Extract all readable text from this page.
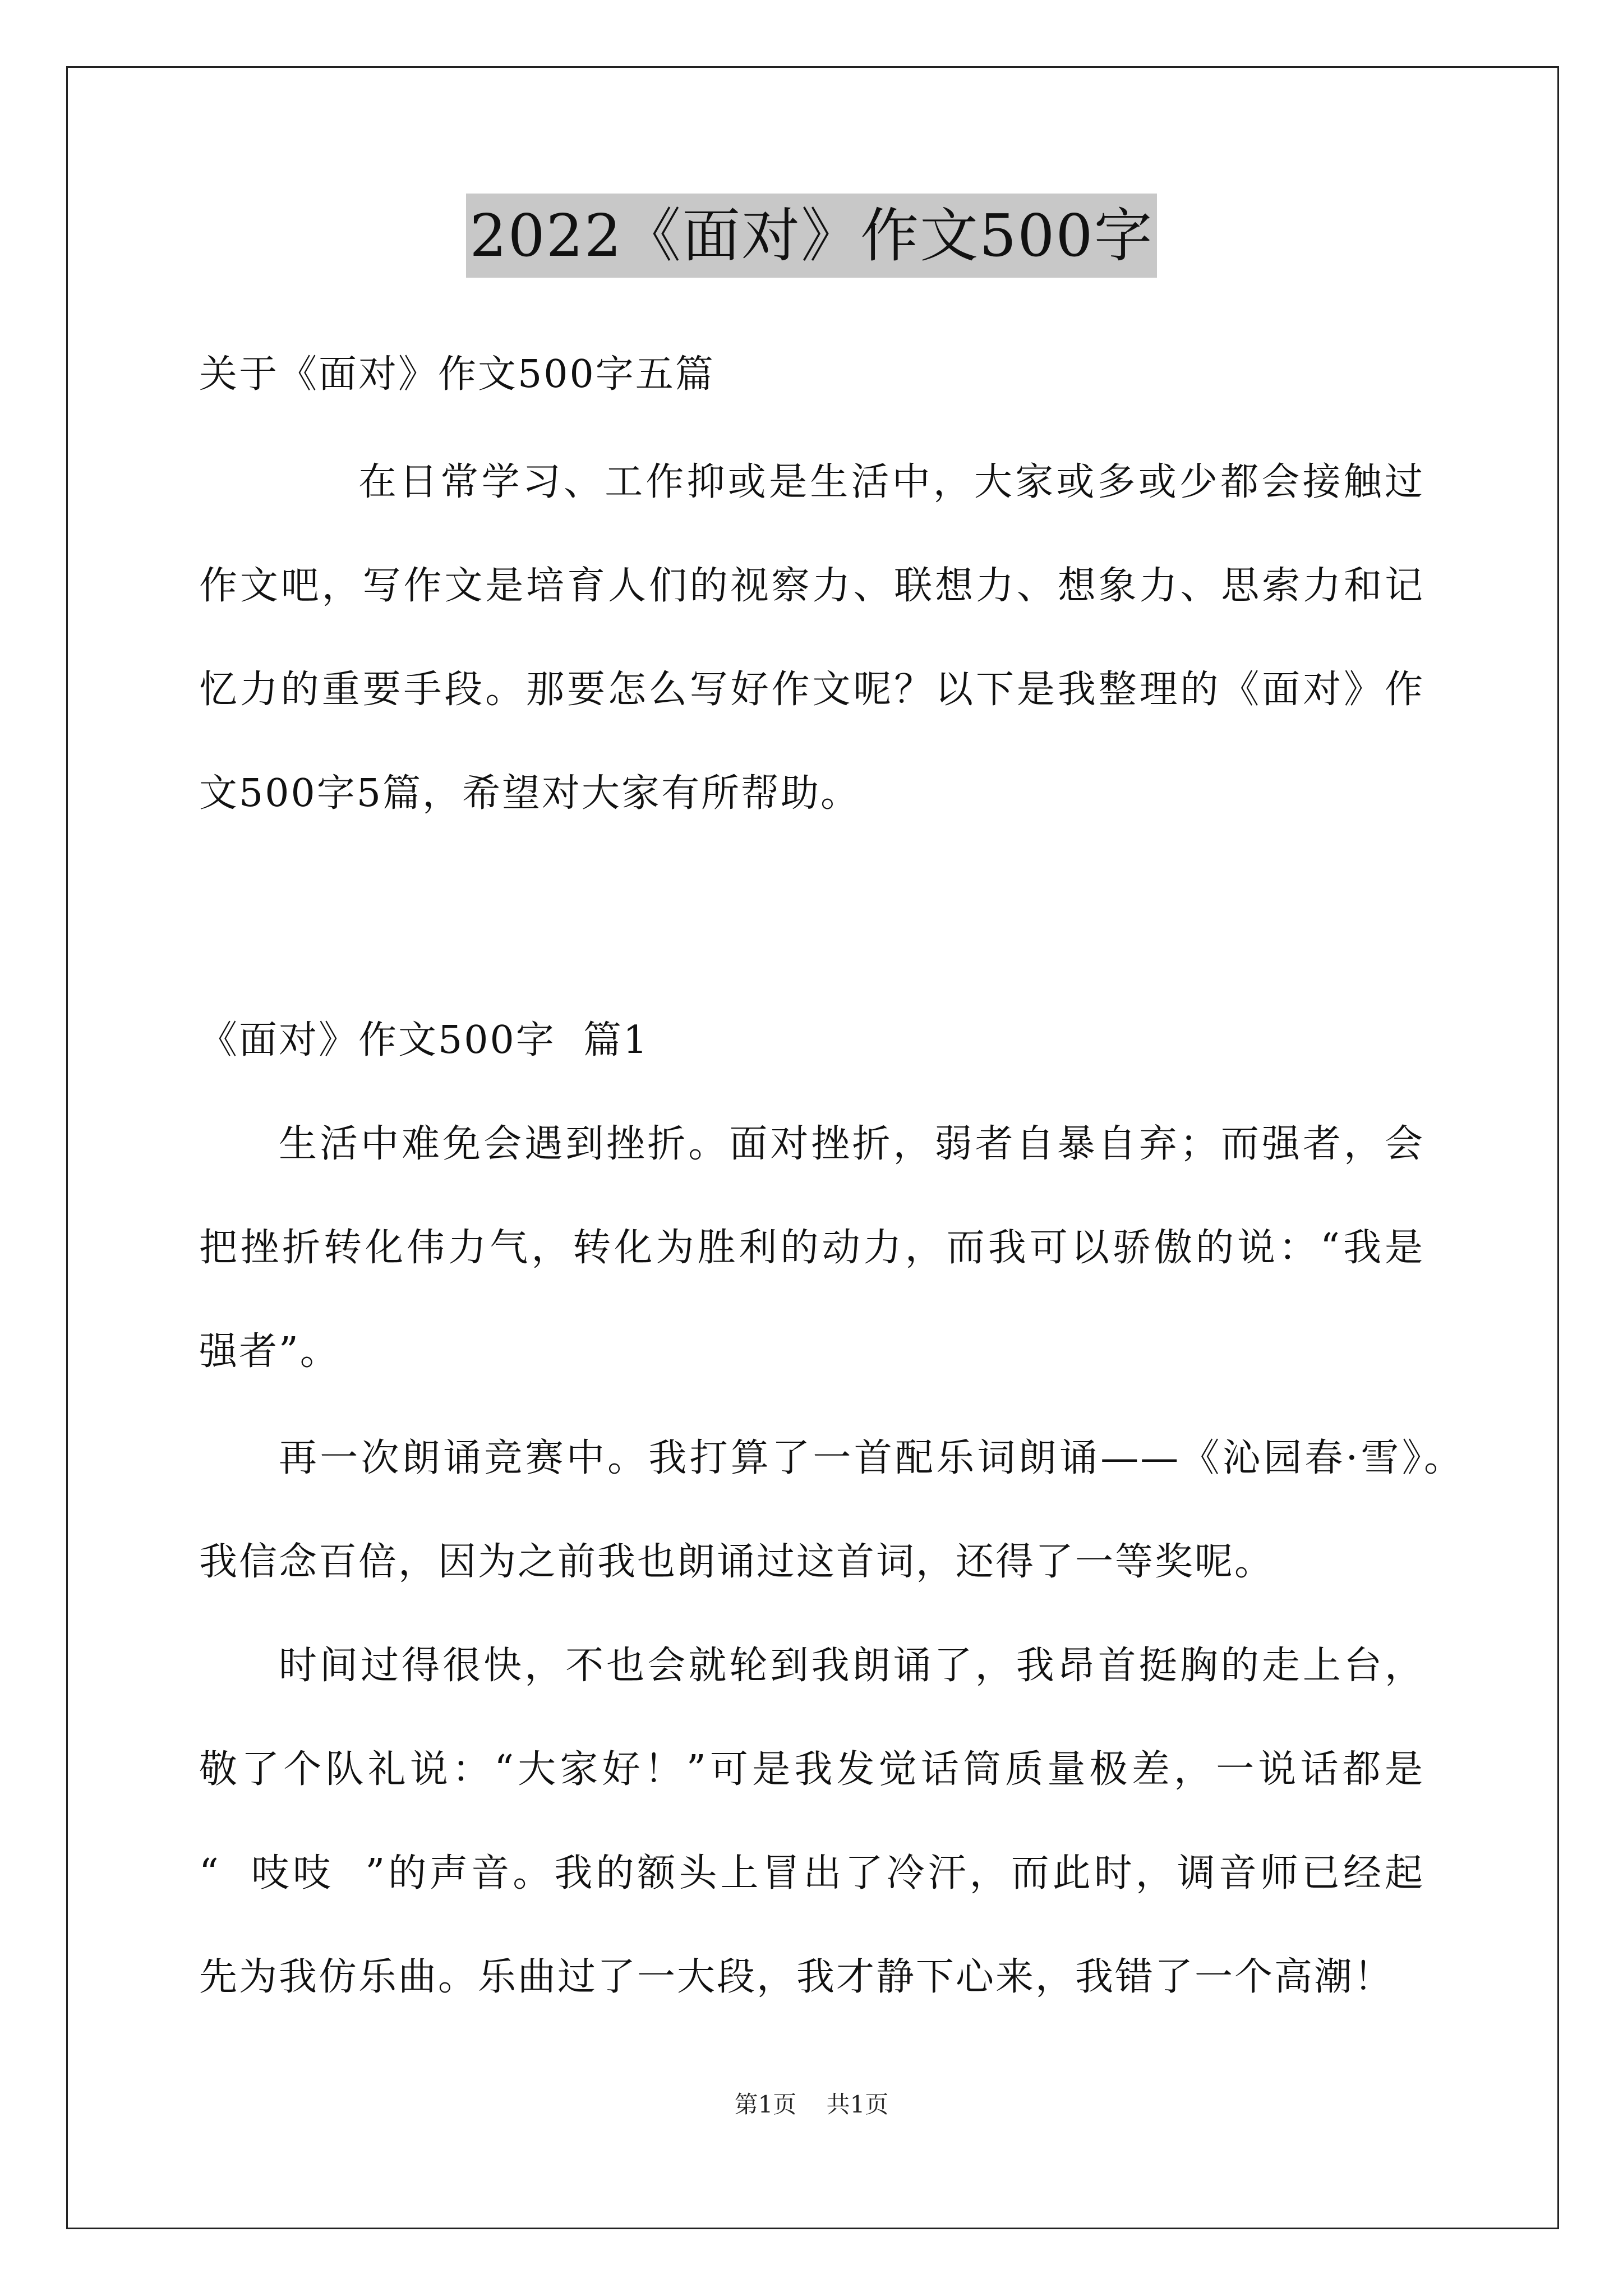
2022《面对》作文500字
关于《面对》作文500字五篇
在日常学习、工作抑或是生活中，大家或多或少都会接触过
作文吧，写作文是培育人们的视察力、联想力、想象力、思索力和记
忆力的重要手段。那要怎么写好作文呢？以下是我整理的《面对》作
文500字5篇，希望对大家有所帮助。
《面对》作文500字  篇1
生活中难免会遇到挫折。面对挫折，弱者自暴自弃；而强者，会
把挫折转化伟力气，转化为胜利的动力，而我可以骄傲的说：“我是
强者”。
再一次朗诵竞赛中。我打算了一首配乐词朗诵——《沁园春·雪》。
我信念百倍，因为之前我也朗诵过这首词，还得了一等奖呢。
时间过得很快，不也会就轮到我朗诵了，我昂首挺胸的走上台，
敬了个队礼说：“大家好！”可是我发觉话筒质量极差，一说话都是
“  吱吱  ”的声音。我的额头上冒出了冷汗，而此时，调音师已经起
先为我仿乐曲。乐曲过了一大段，我才静下心来，我错了一个高潮！
第1页    共1页
